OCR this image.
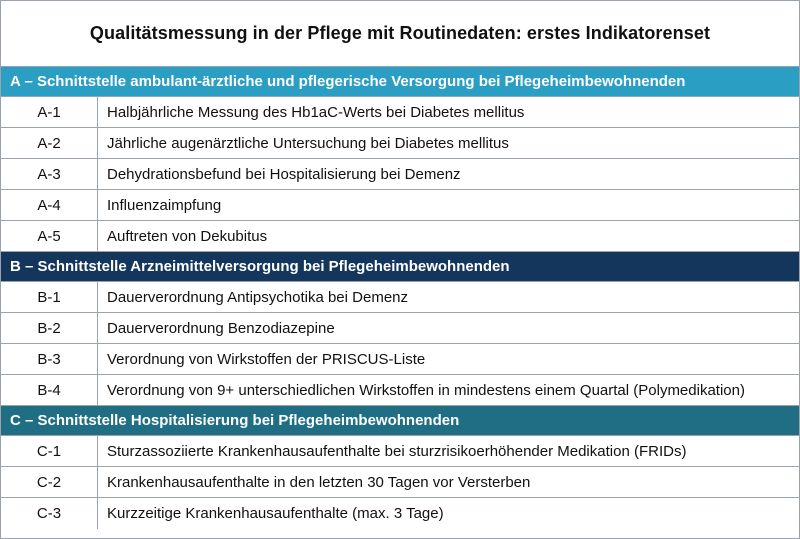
Qualitätsmessung in der Pflege mit Routinedaten: erstes Indikatorenset
A – Schnittstelle ambulant-ärztliche und pflegerische Versorgung bei Pflegeheimbewohnenden
A-1	Halbjährliche Messung des Hb1aC-Werts bei Diabetes mellitus
A-2	Jährliche augenärztliche Untersuchung bei Diabetes mellitus
A-3	Dehydrationsbefund bei Hospitalisierung bei Demenz
A-4	Influenzaimpfung
A-5	Auftreten von Dekubitus
B – Schnittstelle Arzneimittelversorgung bei Pflegeheimbewohnenden
B-1	Dauerverordnung Antipsychotika bei Demenz
B-2	Dauerverordnung Benzodiazepine
B-3	Verordnung von Wirkstoffen der PRISCUS-Liste
B-4	Verordnung von 9+ unterschiedlichen Wirkstoffen in mindestens einem Quartal (Polymedikation)
C – Schnittstelle Hospitalisierung bei Pflegeheimbewohnenden
C-1	Sturzassoziierte Krankenhausaufenthalte bei sturzrisikoerhöhender Medikation (FRIDs)
C-2	Krankenhausaufenthalte in den letzten 30 Tagen vor Versterben
C-3	Kurzzeitige Krankenhausaufenthalte (max. 3 Tage)
